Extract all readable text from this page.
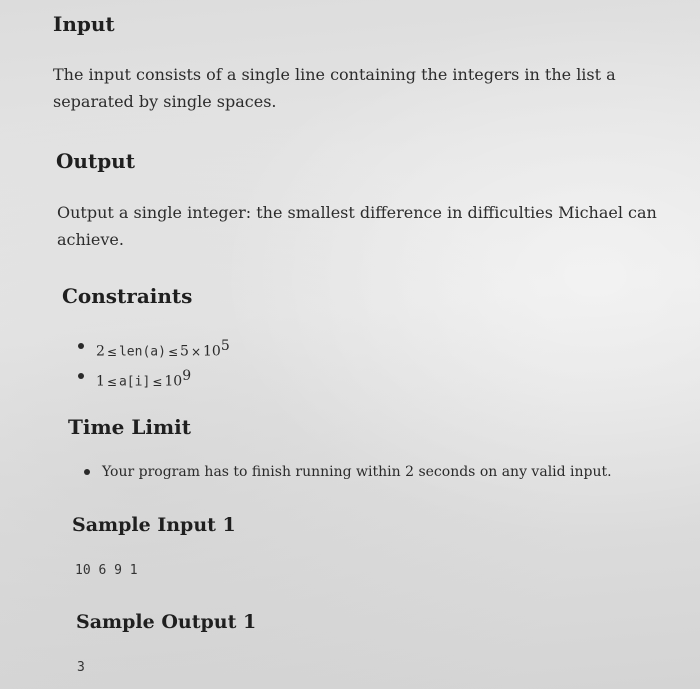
Input

The input consists of a single line containing the integers in the list a separated by single spaces.

Output

Output a single integer: the smallest difference in difficulties Michael can achieve.

Constraints
$2 \le len(a) \le 5 \times 10^5$
$1 \le a[i] \le 10^9$
Time Limit
Your program has to finish running within 2 seconds on any valid input.
Sample Input 1
10 6 9 1
Sample Output 1
3
